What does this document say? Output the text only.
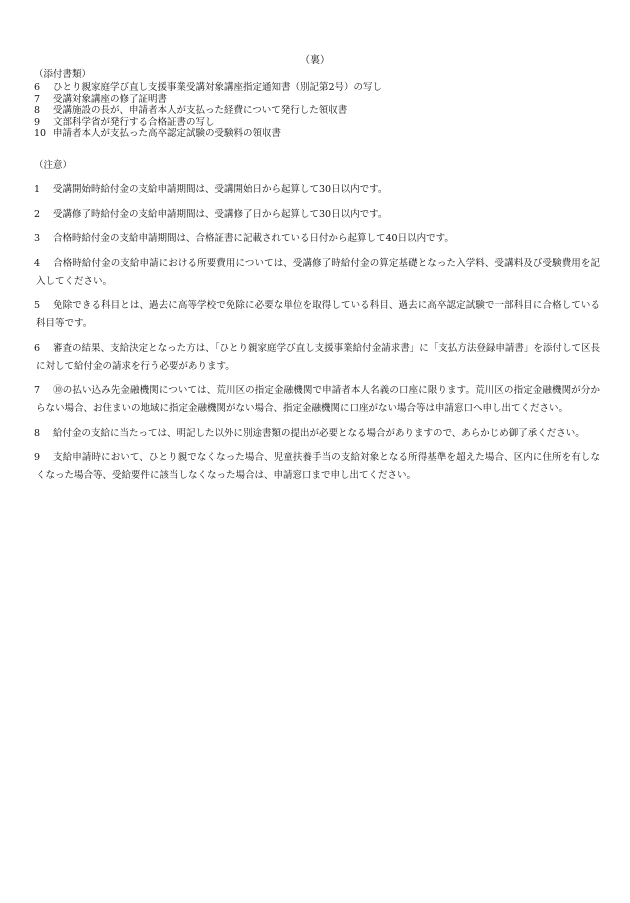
（裏）
（添付書類）
6	ひとり親家庭学び直し支援事業受講対象講座指定通知書（別記第2号）の写し
7	受講対象講座の修了証明書
8	受講施設の長が、申請者本人が支払った経費について発行した領収書
9	文部科学省が発行する合格証書の写し
10 申請者本人が支払った高卒認定試験の受験料の領収書
（注意）
1 受講開始時給付金の支給申請期間は、受講開始日から起算して30日以内です。
2 受講修了時給付金の支給申請期間は、受講修了日から起算して30日以内です。
3 合格時給付金の支給申請期間は、合格証書に記載されている日付から起算して40日以内です。
4 合格時給付金の支給申請における所要費用については、受講修了時給付金の算定基礎となった入学料、受講料及び受験費用を記入してください。
5 免除できる科目とは、過去に高等学校で免除に必要な単位を取得している科目、過去に高卒認定試験で一部科目に合格している科目等です。
6 審査の結果、支給決定となった方は、「ひとり親家庭学び直し支援事業給付金請求書」に「支払方法登録申請書」を添付して区長に対して給付金の請求を行う必要があります。
7 ⑩の払い込み先金融機関については、荒川区の指定金融機関で申請者本人名義の口座に限ります。荒川区の指定金融機関が分からない場合、お住まいの地域に指定金融機関がない場合、指定金融機関に口座がない場合等は申請窓口へ申し出てください。
8 給付金の支給に当たっては、明記した以外に別途書類の提出が必要となる場合がありますので、あらかじめ御了承ください。
9 支給申請時において、ひとり親でなくなった場合、児童扶養手当の支給対象となる所得基準を超えた場合、区内に住所を有しなくなった場合等、受給要件に該当しなくなった場合は、申請窓口まで申し出てください。
